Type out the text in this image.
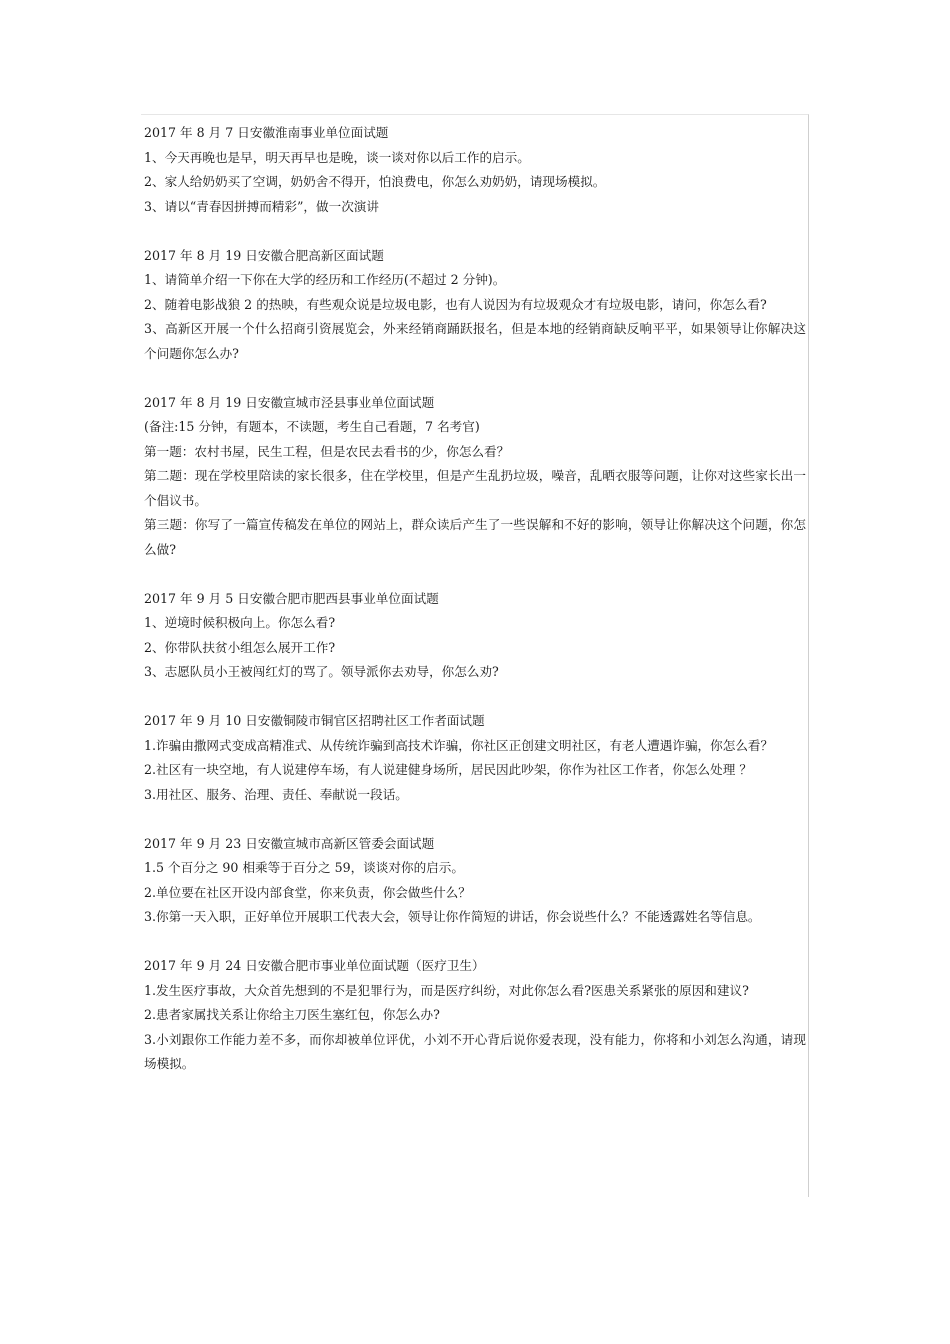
2017 年 8 月 7 日安徽淮南事业单位面试题

1、今天再晚也是早，明天再早也是晚，谈一谈对你以后工作的启示。

2、家人给奶奶买了空调，奶奶舍不得开，怕浪费电，你怎么劝奶奶，请现场模拟。

3、请以“青春因拼搏而精彩”，做一次演讲

2017 年 8 月 19 日安徽合肥高新区面试题

1、请简单介绍一下你在大学的经历和工作经历(不超过 2 分钟)。

2、随着电影战狼 2 的热映，有些观众说是垃圾电影，也有人说因为有垃圾观众才有垃圾电影，请问，你怎么看?

3、高新区开展一个什么招商引资展览会，外来经销商踊跃报名，但是本地的经销商缺反响平平，如果领导让你解决这个问题你怎么办?

2017 年 8 月 19 日安徽宣城市泾县事业单位面试题

(备注:15 分钟，有题本，不读题，考生自己看题，7 名考官)

第一题：农村书屋，民生工程，但是农民去看书的少，你怎么看？

第二题：现在学校里陪读的家长很多，住在学校里，但是产生乱扔垃圾，噪音，乱晒衣服等问题，让你对这些家长出一个倡议书。

第三题：你写了一篇宣传稿发在单位的网站上，群众读后产生了一些误解和不好的影响，领导让你解决这个问题，你怎么做?

2017 年 9 月 5 日安徽合肥市肥西县事业单位面试题

1、逆境时候积极向上。你怎么看?

2、你带队扶贫小组怎么展开工作?

3、志愿队员小王被闯红灯的骂了。领导派你去劝导，你怎么劝?

2017 年 9 月 10 日安徽铜陵市铜官区招聘社区工作者面试题

1.诈骗由撒网式变成高精准式、从传统诈骗到高技术诈骗，你社区正创建文明社区，有老人遭遇诈骗，你怎么看？

2.社区有一块空地，有人说建停车场，有人说建健身场所，居民因此吵架，你作为社区工作者，你怎么处理 ？

3.用社区、服务、治理、责任、奉献说一段话。

2017 年 9 月 23 日安徽宣城市高新区管委会面试题

1.5 个百分之 90 相乘等于百分之 59，谈谈对你的启示。

2.单位要在社区开设内部食堂，你来负责，你会做些什么？

3.你第一天入职，正好单位开展职工代表大会，领导让你作简短的讲话，你会说些什么？不能透露姓名等信息。

2017 年 9 月 24 日安徽合肥市事业单位面试题（医疗卫生）

1.发生医疗事故，大众首先想到的不是犯罪行为，而是医疗纠纷，对此你怎么看?医患关系紧张的原因和建议?

2.患者家属找关系让你给主刀医生塞红包，你怎么办?

3.小刘跟你工作能力差不多，而你却被单位评优，小刘不开心背后说你爱表现，没有能力，你将和小刘怎么沟通，请现场模拟。
